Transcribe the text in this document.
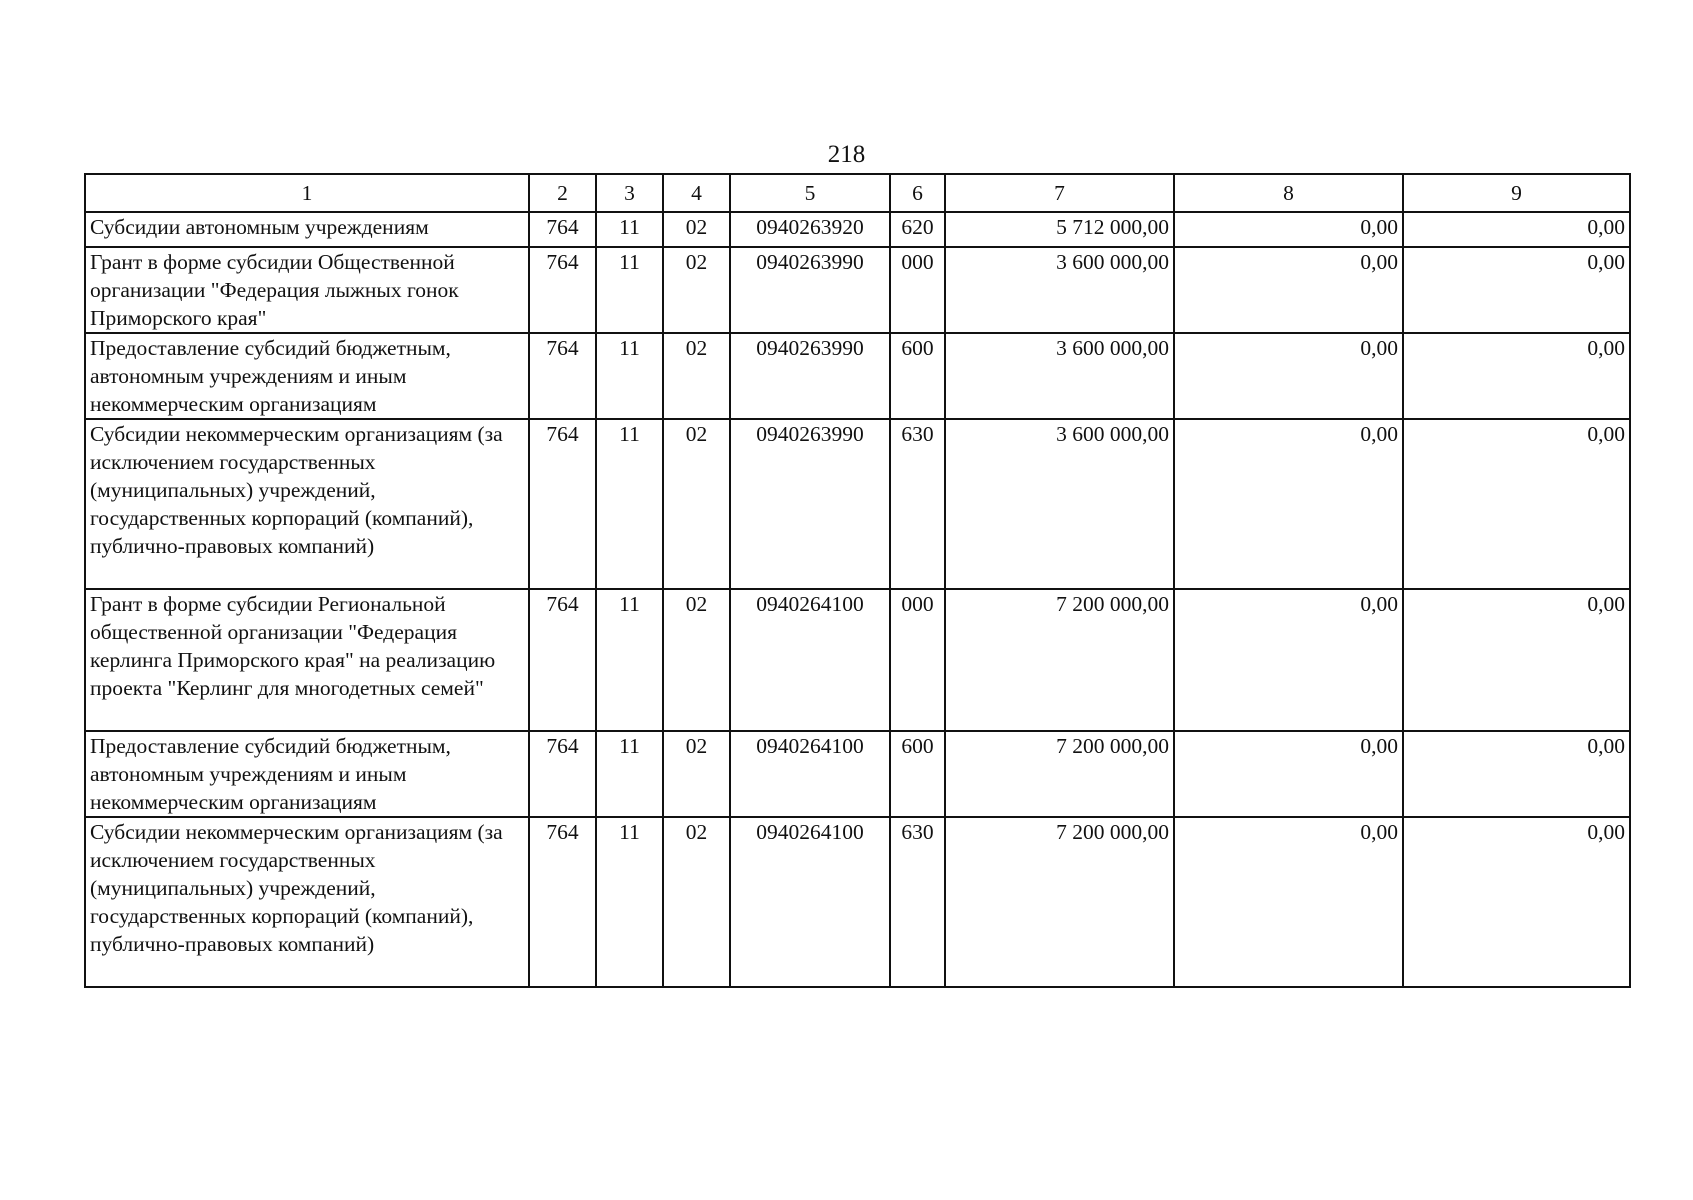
218
1	2	3	4	5	6	7	8	9
Субсидии автономным учреждениям	764	11	02	0940263920	620	5 712 000,00	0,00	0,00
Грант в форме субсидии Общественной организации "Федерация лыжных гонок Приморского края"	764	11	02	0940263990	000	3 600 000,00	0,00	0,00
Предоставление субсидий бюджетным, автономным учреждениям и иным некоммерческим организациям	764	11	02	0940263990	600	3 600 000,00	0,00	0,00
Субсидии некоммерческим организациям (за исключением государственных (муниципальных) учреждений, государственных корпораций (компаний), публично-правовых компаний)	764	11	02	0940263990	630	3 600 000,00	0,00	0,00
Грант в форме субсидии Региональной общественной организации "Федерация керлинга Приморского края" на реализацию проекта "Керлинг для многодетных семей"	764	11	02	0940264100	000	7 200 000,00	0,00	0,00
Предоставление субсидий бюджетным, автономным учреждениям и иным некоммерческим организациям	764	11	02	0940264100	600	7 200 000,00	0,00	0,00
Субсидии некоммерческим организациям (за исключением государственных (муниципальных) учреждений, государственных корпораций (компаний), публично-правовых компаний)	764	11	02	0940264100	630	7 200 000,00	0,00	0,00
